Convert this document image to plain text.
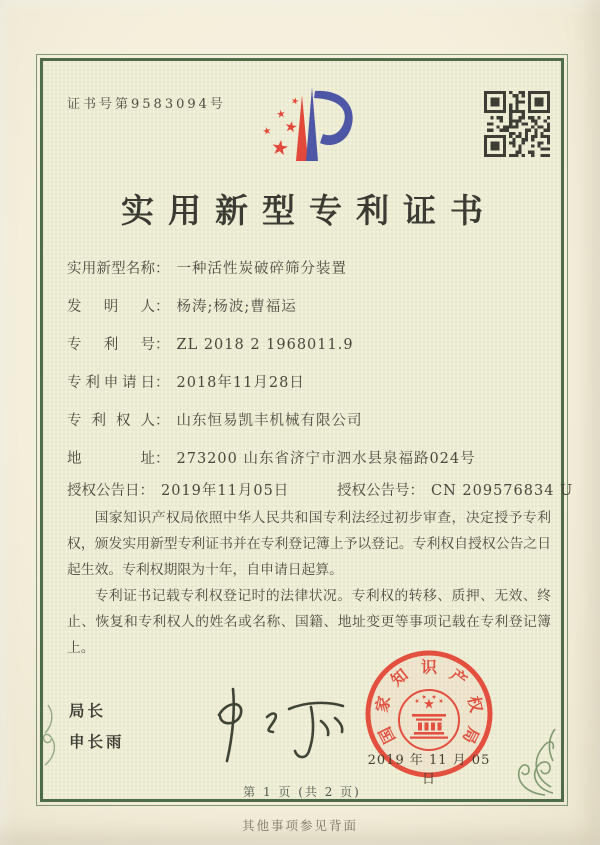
证书号第9583094号
实用新型专利证书
实用新型名称： 一种活性炭破碎筛分装置
发明人： 杨涛;杨波;曹福运
专利号： ZL 2018 2 1968011.9
专利申请日： 2018年11月28日
专利权人： 山东恒易凯丰机械有限公司
地址： 273200 山东省济宁市泗水县泉福路024号
授权公告日： 2019年11月05日	授权公告号： CN 209576834 U

国家知识产权局依照中华人民共和国专利法经过初步审查，决定授予专利权，颁发实用新型专利证书并在专利登记簿上予以登记。专利权自授权公告之日起生效。专利权期限为十年，自申请日起算。

专利证书记载专利权登记时的法律状况。专利权的转移、质押、无效、终止、恢复和专利权人的姓名或名称、国籍、地址变更等事项记载在专利登记簿上。

局长
申长雨	国
家
知 识 产
权
局
2019 年 11 月 05 日
第 1 页 (共 2 页)
其他事项参见背面
